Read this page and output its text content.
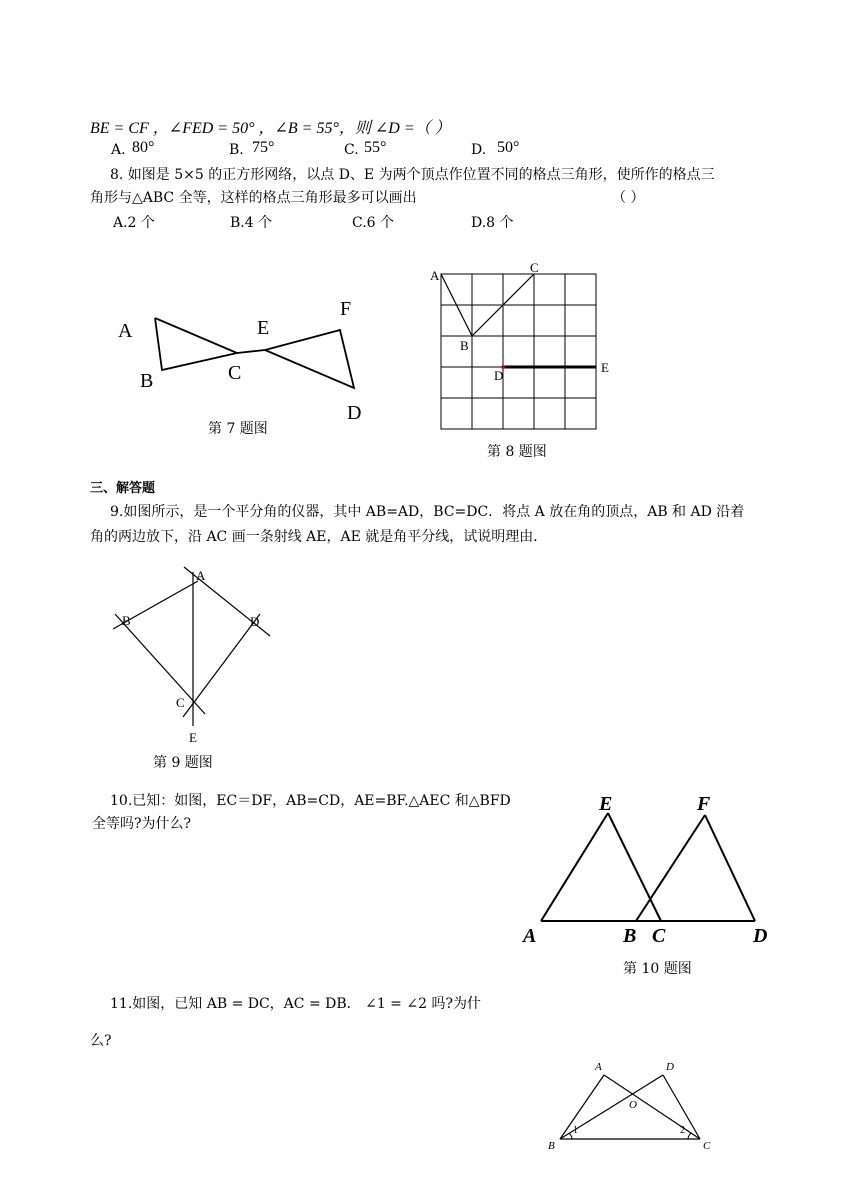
BE = CF ，∠FED = 50° ，∠B = 55°，则 ∠D =（ ）
A. 80°	B. 75°	C. 55°	D. 50°
8. 如图是 5×5 的正方形网络，以点 D、E 为两个顶点作位置不同的格点三角形，使所作的格点三
角形与△ABC 全等，这样的格点三角形最多可以画出	（ ）
A.2 个	B.4 个	C.6 个	D.8 个
A
B	C
E
F
D
第 7 题图
A
C
B
D
E
第 8 题图
三、解答题
9.如图所示，是一个平分角的仪器，其中 AB=AD，BC=DC．将点 A 放在角的顶点，AB 和 AD 沿着
角的两边放下，沿 AC 画一条射线 AE，AE 就是角平分线，试说明理由．
A
B	D
C
E
第 9 题图
10.已知：如图，EC＝DF，AB=CD，AE=BF.△AEC 和△BFD
全等吗?为什么?
E	F
A	B C	D
第 10 题图
11.如图，已知 AB = DC，AC = DB． ∠1 = ∠2 吗?为什
么?
A	D
O
B	C
1	2
